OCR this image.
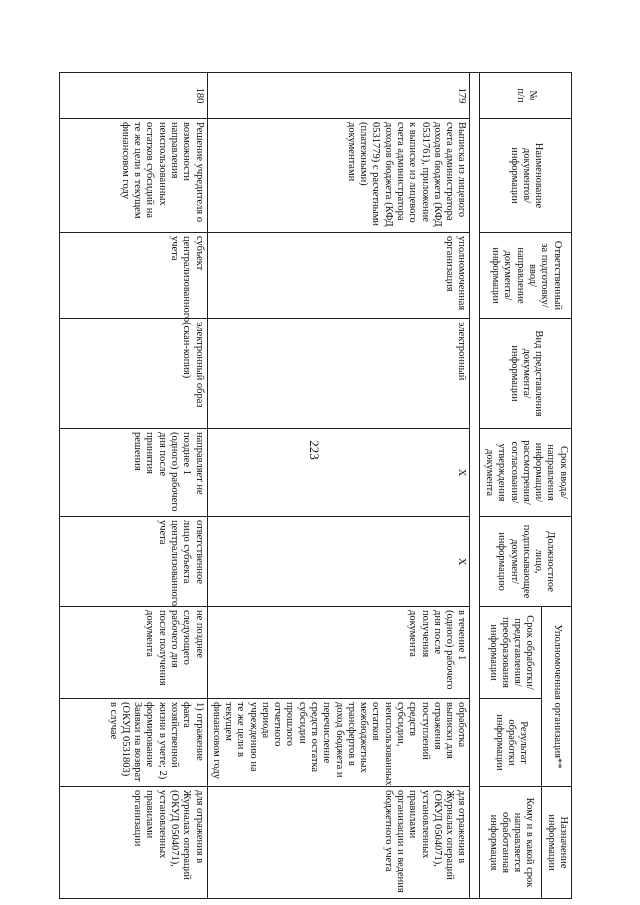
223
№
п/п	Наименование документов/информации	Ответственный за подготовку/ ввод/ направление документа/ информации	Вид представления документа/ информации	Срок ввода/ направления информации/ рассмотрения/ согласования/ утверждения документа	Должностное лицо, подписывающее документ/ информацию	Уполномоченная организация**		Назначение информации
						Срок обработки/ представления/ преобразования информации	Результат обработки информации	Кому и в какой срок направляется обработанная информация

179	Выписка из лицевого счета администратора доходов бюджета (КФД 0531761), приложение к выписке из лицевого счета администратора доходов бюджета (КФД 0531779) с расчетными (платежными) документами	уполномоченная организация	электронный	X	X	в течение 1 (одного) рабочего дня после получения документа	обработка выписки для отражения поступлений средств субсидии, неиспользованных остатков межбюджетных трансфертов в доход бюджета и перечисление средств остатка субсидии прошлого отчетного периода учреждению на те же цели в текущем финансовом году	для отражения в Журналах операций (ОКУД 0504071), установленных правилами организации и ведения бюджетного учета
180	Решение учредителя о возможности направления неиспользованных остатков субсидий на те же цели в текущем финансовом году	субъект централизованного учета	электронный образ (скан-копия)	направляет не позднее 1 (одного) рабочего дня после принятия решения	ответственное лицо субъекта централизованного учета	не позднее следующего рабочего дня после получения документа	1) отражение факта хозяйственной жизни в учете; 2) формирование Заявки на возврат (ОКУД 0531803) в случае	для отражения в Журналах операций (ОКУД 0504071), установленных правилами организации
